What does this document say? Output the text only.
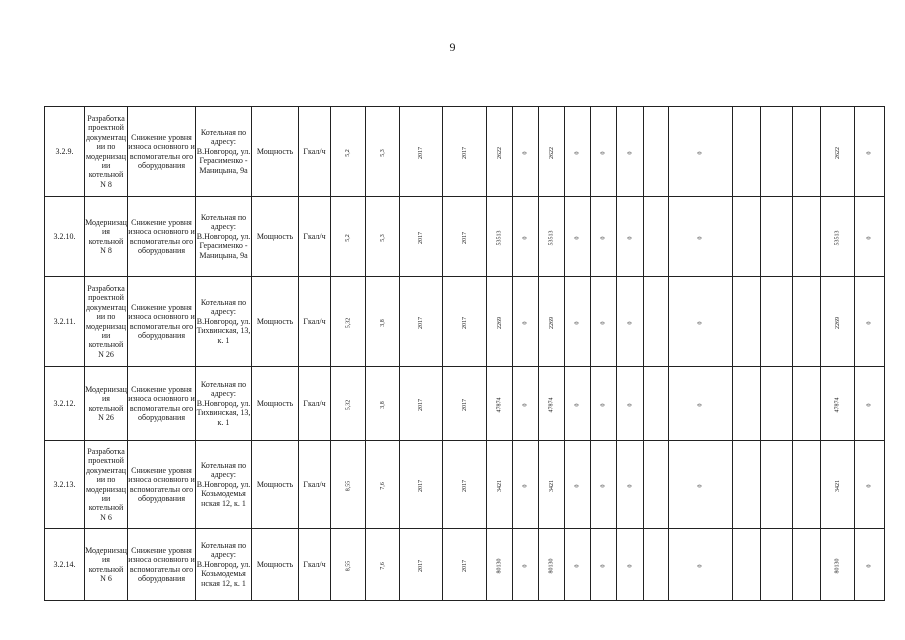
9
3.2.9.	Разработка проектной документац ии по модернизац ии котельной N 8	Снижение уровня износа основного и вспомогательн ого оборудования	Котельная по адресу: В.Новгород, ул. Герасименко - Маницына, 9а	Мощность	Гкал/ч	5,2	5,3	2017	2017	2622	0	2622	0	0	0		0				2622	0
3.2.10.	Модернизац ия котельной N 8	Снижение уровня износа основного и вспомогательн ого оборудования	Котельная по адресу: В.Новгород, ул. Герасименко - Маницына, 9а	Мощность	Гкал/ч	5,2	5,3	2017	2017	53513	0	53513	0	0	0		0				53513	0
3.2.11.	Разработка проектной документац ии по модернизац ии котельной N 26	Снижение уровня износа основного и вспомогательн ого оборудования	Котельная по адресу: В.Новгород, ул. Тихвинская, 13, к. 1	Мощность	Гкал/ч	5,32	3,8	2017	2017	2269	0	2269	0	0	0		0				2269	0
3.2.12.	Модернизац ия котельной N 26	Снижение уровня износа основного и вспомогательн ого оборудования	Котельная по адресу: В.Новгород, ул. Тихвинская, 13, к. 1	Мощность	Гкал/ч	5,32	3,8	2017	2017	47874	0	47874	0	0	0		0				47874	0
3.2.13.	Разработка проектной документац ии по модернизац ии котельной N 6	Снижение уровня износа основного и вспомогательн ого оборудования	Котельная по адресу: В.Новгород, ул. Козьмодемья нская 12, к. 1	Мощность	Гкал/ч	8,55	7,6	2017	2017	3421	0	3421	0	0	0		0				3421	0
3.2.14.	Модернизац ия котельной N 6	Снижение уровня износа основного и вспомогательн ого оборудования	Котельная по адресу: В.Новгород, ул. Козьмодемья нская 12, к. 1	Мощность	Гкал/ч	8,55	7,6	2017	2017	80130	0	80130	0	0	0		0				80130	0
